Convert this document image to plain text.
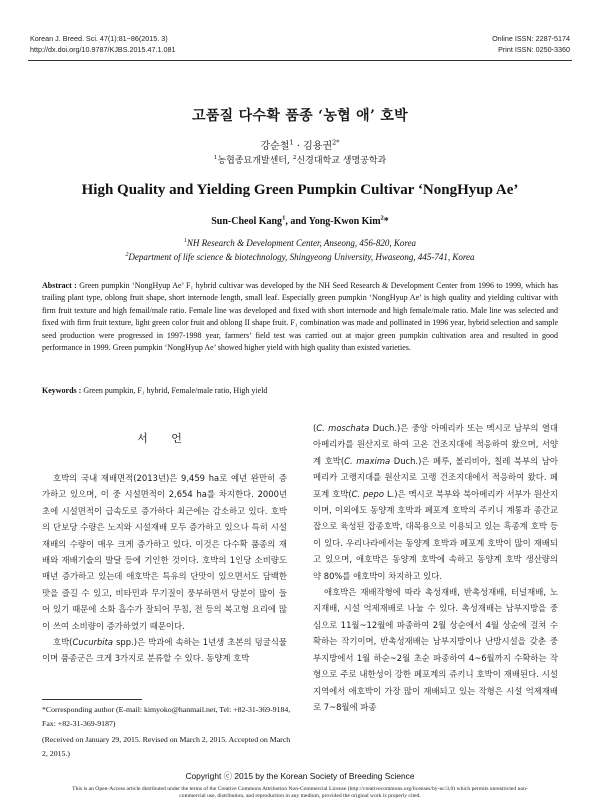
Korean J. Breed. Sci. 47(1):81~86(2015. 3)
http://dx.doi.org/10.9787/KJBS.2015.47.1.081
Online ISSN: 2287-5174
Print ISSN: 0250-3360
고품질 다수확 품종 ‘농협 애’ 호박
강순철$^1$ · 김용권$^{2*}$
$^1$농협종묘개발센터, $^2$신경대학교 생명공학과
High Quality and Yielding Green Pumpkin Cultivar ‘NongHyup Ae’
Sun-Cheol Kang$^1$, and Yong-Kwon Kim$^2$*
$^1$NH Research & Development Center, Anseong, 456-820, Korea
$^2$Department of life science & biotechnology, Shingyeong University, Hwaseong, 445-741, Korea
Abstract : Green pumpkin ‘NongHyup Ae’ F₁ hybrid cultivar was developed by the NH Seed Research & Development Center from 1996 to 1999, which has trailing plant type, oblong fruit shape, short internode length, small leaf. Especially green pumpkin ‘NongHyup Ae’ is high quality and yielding cultivar with firm fruit texture and high femail/male ratio. Female line was developed and fixed with short internode and high female/male ratio. Male line was selected and fixed with firm fruit texture, light green color fruit and oblong II shape fruit. F₁ combination was made and pollinated in 1996 year, hybrid selection and sample seed production were progressed in 1997-1998 year, farmers’ field test was carried out at major green pumpkin cultivation area and resulted in good performance in 1999. Green pumpkin ‘NongHyup Ae’ showed higher yield with high quality than existed varieties.
Keywords : Green pumpkin, F₁ hybrid, Female/male ratio, High yield
서 언

호박의 국내 재배면적(2013년)은 9,459 ha로 예년 완만히 증가하고 있으며, 이 중 시설면적이 2,654 ha를 차지한다. 2000년 초에 시설면적이 급속도로 증가하다 최근에는 감소하고 있다. 호박의 단보당 수량은 노지와 시설재배 모두 증가하고 있으나 특히 시설재배의 수량이 매우 크게 증가하고 있다. 이것은 다수확 품종의 재배와 재배기술의 발달 등에 기인한 것이다. 호박의 1인당 소비량도 매년 증가하고 있는데 애호박은 특유의 단맛이 있으면서도 담백한 맛을 즐길 수 있고, 비타민과 무기질이 풍부하면서 당분이 많이 들어 있기 때문에 소화 흡수가 잘되어 무침, 전 등의 복고형 요리에 많이 쓰여 소비량이 증가하였기 때문이다.

호박(Cucurbita spp.)은 박과에 속하는 1년생 초본의 덩굴식물이며 품종군은 크게 3가지로 분류할 수 있다. 동양계 호박

(C. moschata Duch.)은 중앙 아메리카 또는 멕시코 남부의 열대 아메리카를 원산지로 하여 고온 건조지대에 적응하여 왔으며, 서양계 호박(C. maxima Duch.)은 페루, 볼리비아, 칠레 북부의 남아메리카 고랭지대를 원산지로 고랭 건조지대에서 적응하여 왔다. 페포계 호박(C. pepo L.)은 멕시코 북부와 북아메리카 서부가 원산지이며, 이외에도 동양계 호박과 페포계 호박의 주키니 계통과 종간교잡으로 육성된 잡종호박, 대목용으로 이용되고 있는 흑종계 호박 등이 있다. 우리나라에서는 동양계 호박과 페포계 호박이 많이 재배되고 있으며, 애호박은 동양계 호박에 속하고 동양계 호박 생산량의 약 80%를 애호박이 차지하고 있다.

애호박은 재배작형에 따라 촉성재배, 반촉성재배, 터널재배, 노지재배, 시설 억제재배로 나눌 수 있다. 촉성재배는 남부지방을 중심으로 11월~12월에 파종하여 2월 상순에서 4월 상순에 걸쳐 수확하는 작기이며, 반촉성재배는 남부지방이나 난방시설을 갖춘 중부지방에서 1월 하순~2월 초순 파종하여 4~6월까지 수확하는 작형으로 주로 내한성이 강한 페포계의 쥬키니 호박이 재배된다. 시설지역에서 애호박이 가장 많이 재배되고 있는 작형은 시설 억제재배로 7~8월에 파종

*Corresponding author (E-mail: kimyoko@hanmail.net, Tel: +82-31-369-9184, Fax: +82-31-369-9187)
(Received on January 29, 2015. Revised on March 2, 2015. Accepted on March 2, 2015.)
Copyright ⓒ 2015 by the Korean Society of Breeding Science
This is an Open-Access article distributed under the terms of the Creative Commons Attribution Non-Commercial License (http://creativecommons.org/licenses/by-nc/3.0) which permits unrestricted non-commercial use, distribution, and reproduction in any medium, provided the original work is properly cited.
